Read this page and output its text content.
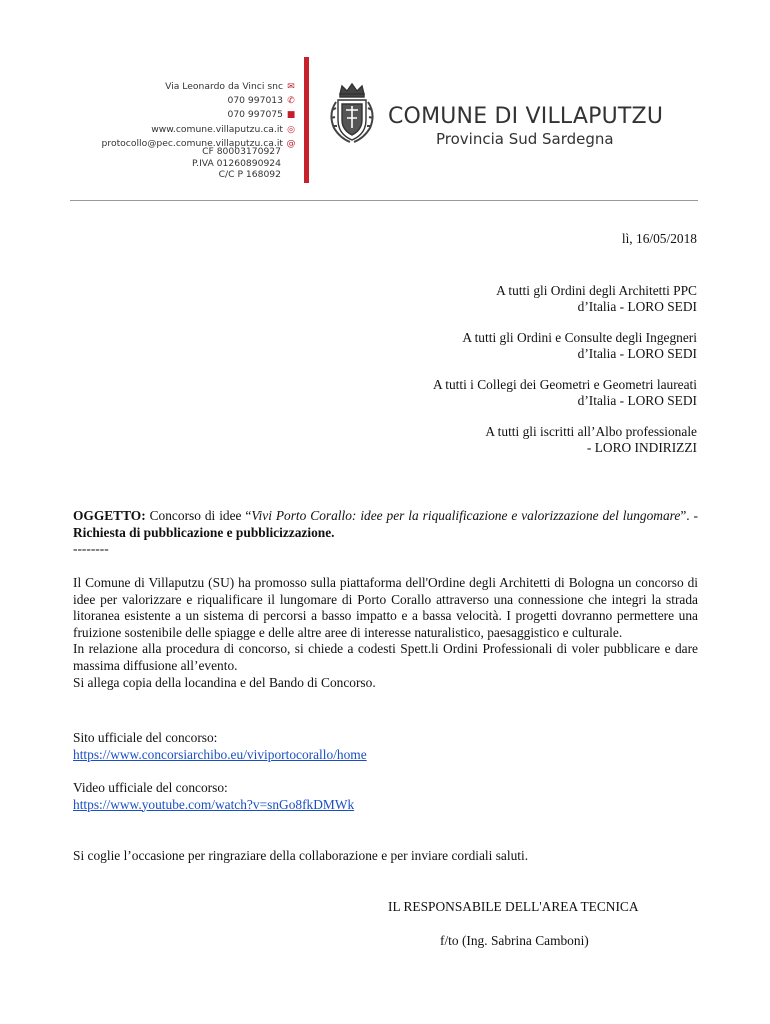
Via Leonardo da Vinci snc ✉
070 997013 ✆
070 997075 ■
www.comune.villaputzu.ca.it ◎
protocollo@pec.comune.villaputzu.ca.it @
CF 80003170927
P.IVA 01260890924
C/C P 168092
COMUNE DI VILLAPUTZU
Provincia Sud Sardegna
lì, 16/05/2018
A tutti gli Ordini degli Architetti PPC
d’Italia - LORO SEDI
A tutti gli Ordini e Consulte degli Ingegneri
d’Italia - LORO SEDI
A tutti i Collegi dei Geometri e Geometri laureati
d’Italia - LORO SEDI
A tutti gli iscritti all’Albo professionale
- LORO INDIRIZZI
OGGETTO: Concorso di idee “Vivi Porto Corallo: idee per la riqualificazione e valorizzazione del lungomare”. - Richiesta di pubblicazione e pubblicizzazione.
--------
Il Comune di Villaputzu (SU) ha promosso sulla piattaforma dell'Ordine degli Architetti di Bologna un concorso di idee per valorizzare e riqualificare il lungomare di Porto Corallo attraverso una connessione che integri la strada litoranea esistente a un sistema di percorsi a basso impatto e a bassa velocità. I progetti dovranno permettere una fruizione sostenibile delle spiagge e delle altre aree di interesse naturalistico, paesaggistico e culturale.
In relazione alla procedura di concorso, si chiede a codesti Spett.li Ordini Professionali di voler pubblicare e dare massima diffusione all’evento.
Si allega copia della locandina e del Bando di Concorso.
Sito ufficiale del concorso:
https://www.concorsiarchibo.eu/viviportocorallo/home
Video ufficiale del concorso:
https://www.youtube.com/watch?v=snGo8fkDMWk
Si coglie l’occasione per ringraziare della collaborazione e per inviare cordiali saluti.
IL RESPONSABILE DELL'AREA TECNICA
f/to (Ing. Sabrina Camboni)
